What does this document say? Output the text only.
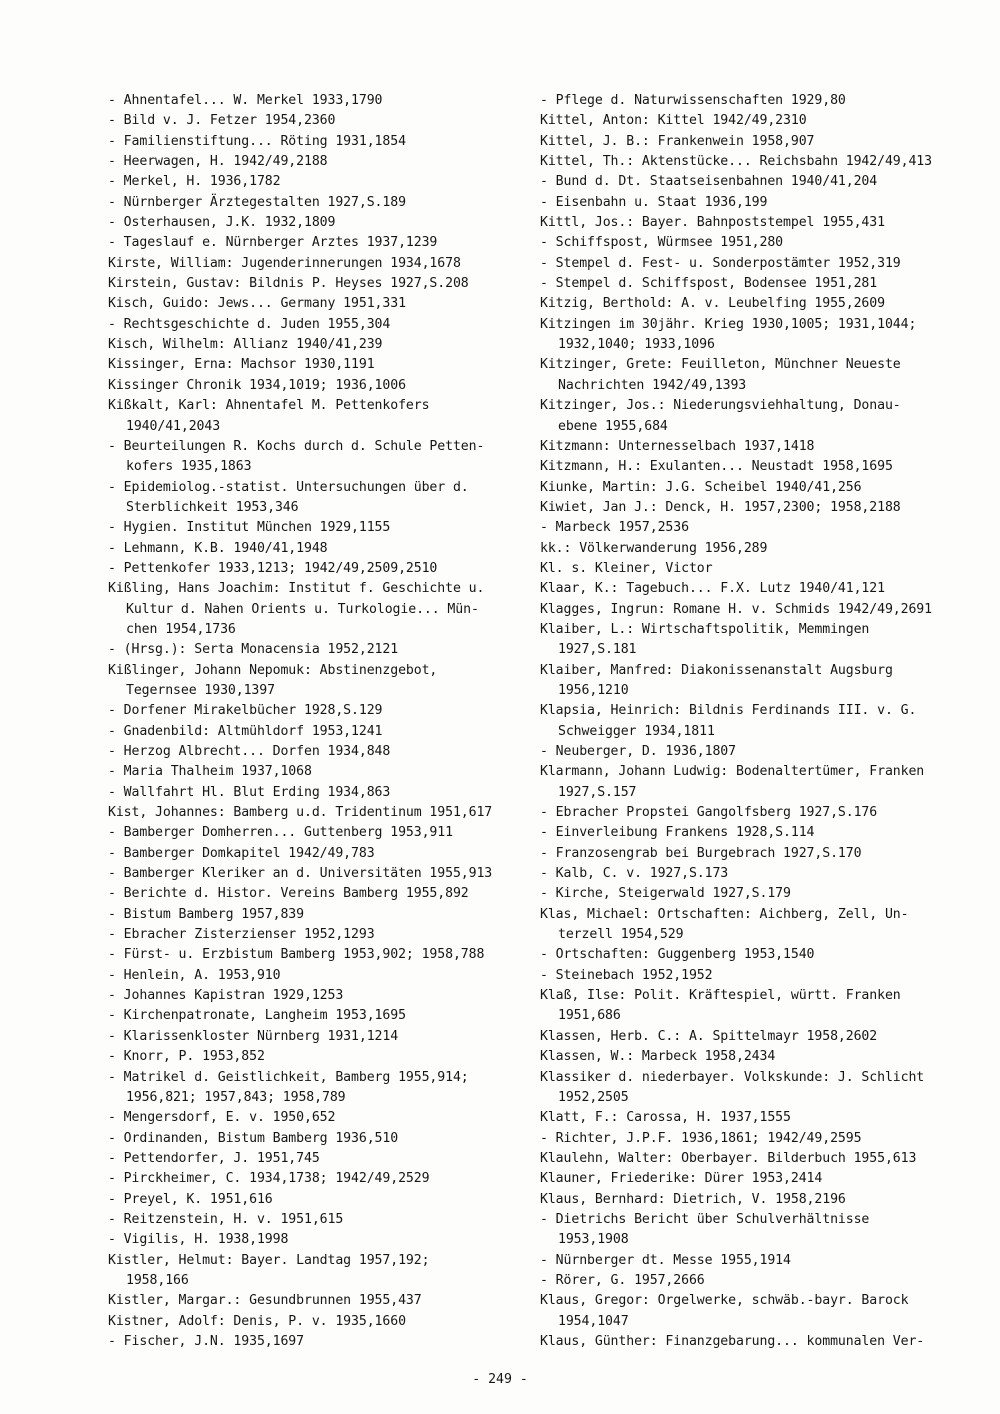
- Ahnentafel... W. Merkel 1933,1790
- Bild v. J. Fetzer 1954,2360
- Familienstiftung... Röting 1931,1854
- Heerwagen, H. 1942/49,2188
- Merkel, H. 1936,1782
- Nürnberger Ärztegestalten 1927,S.189
- Osterhausen, J.K. 1932,1809
- Tageslauf e. Nürnberger Arztes 1937,1239
Kirste, William: Jugenderinnerungen 1934,1678
Kirstein, Gustav: Bildnis P. Heyses 1927,S.208
Kisch, Guido: Jews... Germany 1951,331
- Rechtsgeschichte d. Juden 1955,304
Kisch, Wilhelm: Allianz 1940/41,239
Kissinger, Erna: Machsor 1930,1191
Kissinger Chronik 1934,1019; 1936,1006
Kißkalt, Karl: Ahnentafel M. Pettenkofers
1940/41,2043
- Beurteilungen R. Kochs durch d. Schule Petten-
kofers 1935,1863
- Epidemiolog.-statist. Untersuchungen über d.
Sterblichkeit 1953,346
- Hygien. Institut München 1929,1155
- Lehmann, K.B. 1940/41,1948
- Pettenkofer 1933,1213; 1942/49,2509,2510
Kißling, Hans Joachim: Institut f. Geschichte u.
Kultur d. Nahen Orients u. Turkologie... Mün-
chen 1954,1736
- (Hrsg.): Serta Monacensia 1952,2121
Kißlinger, Johann Nepomuk: Abstinenzgebot,
Tegernsee 1930,1397
- Dorfener Mirakelbücher 1928,S.129
- Gnadenbild: Altmühldorf 1953,1241
- Herzog Albrecht... Dorfen 1934,848
- Maria Thalheim 1937,1068
- Wallfahrt Hl. Blut Erding 1934,863
Kist, Johannes: Bamberg u.d. Tridentinum 1951,617
- Bamberger Domherren... Guttenberg 1953,911
- Bamberger Domkapitel 1942/49,783
- Bamberger Kleriker an d. Universitäten 1955,913
- Berichte d. Histor. Vereins Bamberg 1955,892
- Bistum Bamberg 1957,839
- Ebracher Zisterzienser 1952,1293
- Fürst- u. Erzbistum Bamberg 1953,902; 1958,788
- Henlein, A. 1953,910
- Johannes Kapistran 1929,1253
- Kirchenpatronate, Langheim 1953,1695
- Klarissenkloster Nürnberg 1931,1214
- Knorr, P. 1953,852
- Matrikel d. Geistlichkeit, Bamberg 1955,914;
1956,821; 1957,843; 1958,789
- Mengersdorf, E. v. 1950,652
- Ordinanden, Bistum Bamberg 1936,510
- Pettendorfer, J. 1951,745
- Pirckheimer, C. 1934,1738; 1942/49,2529
- Preyel, K. 1951,616
- Reitzenstein, H. v. 1951,615
- Vigilis, H. 1938,1998
Kistler, Helmut: Bayer. Landtag 1957,192;
1958,166
Kistler, Margar.: Gesundbrunnen 1955,437
Kistner, Adolf: Denis, P. v. 1935,1660
- Fischer, J.N. 1935,1697
- Pflege d. Naturwissenschaften 1929,80
Kittel, Anton: Kittel 1942/49,2310
Kittel, J. B.: Frankenwein 1958,907
Kittel, Th.: Aktenstücke... Reichsbahn 1942/49,413
- Bund d. Dt. Staatseisenbahnen 1940/41,204
- Eisenbahn u. Staat 1936,199
Kittl, Jos.: Bayer. Bahnpoststempel 1955,431
- Schiffspost, Würmsee 1951,280
- Stempel d. Fest- u. Sonderpostämter 1952,319
- Stempel d. Schiffspost, Bodensee 1951,281
Kitzig, Berthold: A. v. Leubelfing 1955,2609
Kitzingen im 30jähr. Krieg 1930,1005; 1931,1044;
1932,1040; 1933,1096
Kitzinger, Grete: Feuilleton, Münchner Neueste
Nachrichten 1942/49,1393
Kitzinger, Jos.: Niederungsviehhaltung, Donau-
ebene 1955,684
Kitzmann: Unternesselbach 1937,1418
Kitzmann, H.: Exulanten... Neustadt 1958,1695
Kiunke, Martin: J.G. Scheibel 1940/41,256
Kiwiet, Jan J.: Denck, H. 1957,2300; 1958,2188
- Marbeck 1957,2536
kk.: Völkerwanderung 1956,289
Kl. s. Kleiner, Victor
Klaar, K.: Tagebuch... F.X. Lutz 1940/41,121
Klagges, Ingrun: Romane H. v. Schmids 1942/49,2691
Klaiber, L.: Wirtschaftspolitik, Memmingen
1927,S.181
Klaiber, Manfred: Diakonissenanstalt Augsburg
1956,1210
Klapsia, Heinrich: Bildnis Ferdinands III. v. G.
Schweigger 1934,1811
- Neuberger, D. 1936,1807
Klarmann, Johann Ludwig: Bodenaltertümer, Franken
1927,S.157
- Ebracher Propstei Gangolfsberg 1927,S.176
- Einverleibung Frankens 1928,S.114
- Franzosengrab bei Burgebrach 1927,S.170
- Kalb, C. v. 1927,S.173
- Kirche, Steigerwald 1927,S.179
Klas, Michael: Ortschaften: Aichberg, Zell, Un-
terzell 1954,529
- Ortschaften: Guggenberg 1953,1540
- Steinebach 1952,1952
Klaß, Ilse: Polit. Kräftespiel, württ. Franken
1951,686
Klassen, Herb. C.: A. Spittelmayr 1958,2602
Klassen, W.: Marbeck 1958,2434
Klassiker d. niederbayer. Volkskunde: J. Schlicht
1952,2505
Klatt, F.: Carossa, H. 1937,1555
- Richter, J.P.F. 1936,1861; 1942/49,2595
Klaulehn, Walter: Oberbayer. Bilderbuch 1955,613
Klauner, Friederike: Dürer 1953,2414
Klaus, Bernhard: Dietrich, V. 1958,2196
- Dietrichs Bericht über Schulverhältnisse
1953,1908
- Nürnberger dt. Messe 1955,1914
- Rörer, G. 1957,2666
Klaus, Gregor: Orgelwerke, schwäb.-bayr. Barock
1954,1047
Klaus, Günther: Finanzgebarung... kommunalen Ver-
- 249 -
